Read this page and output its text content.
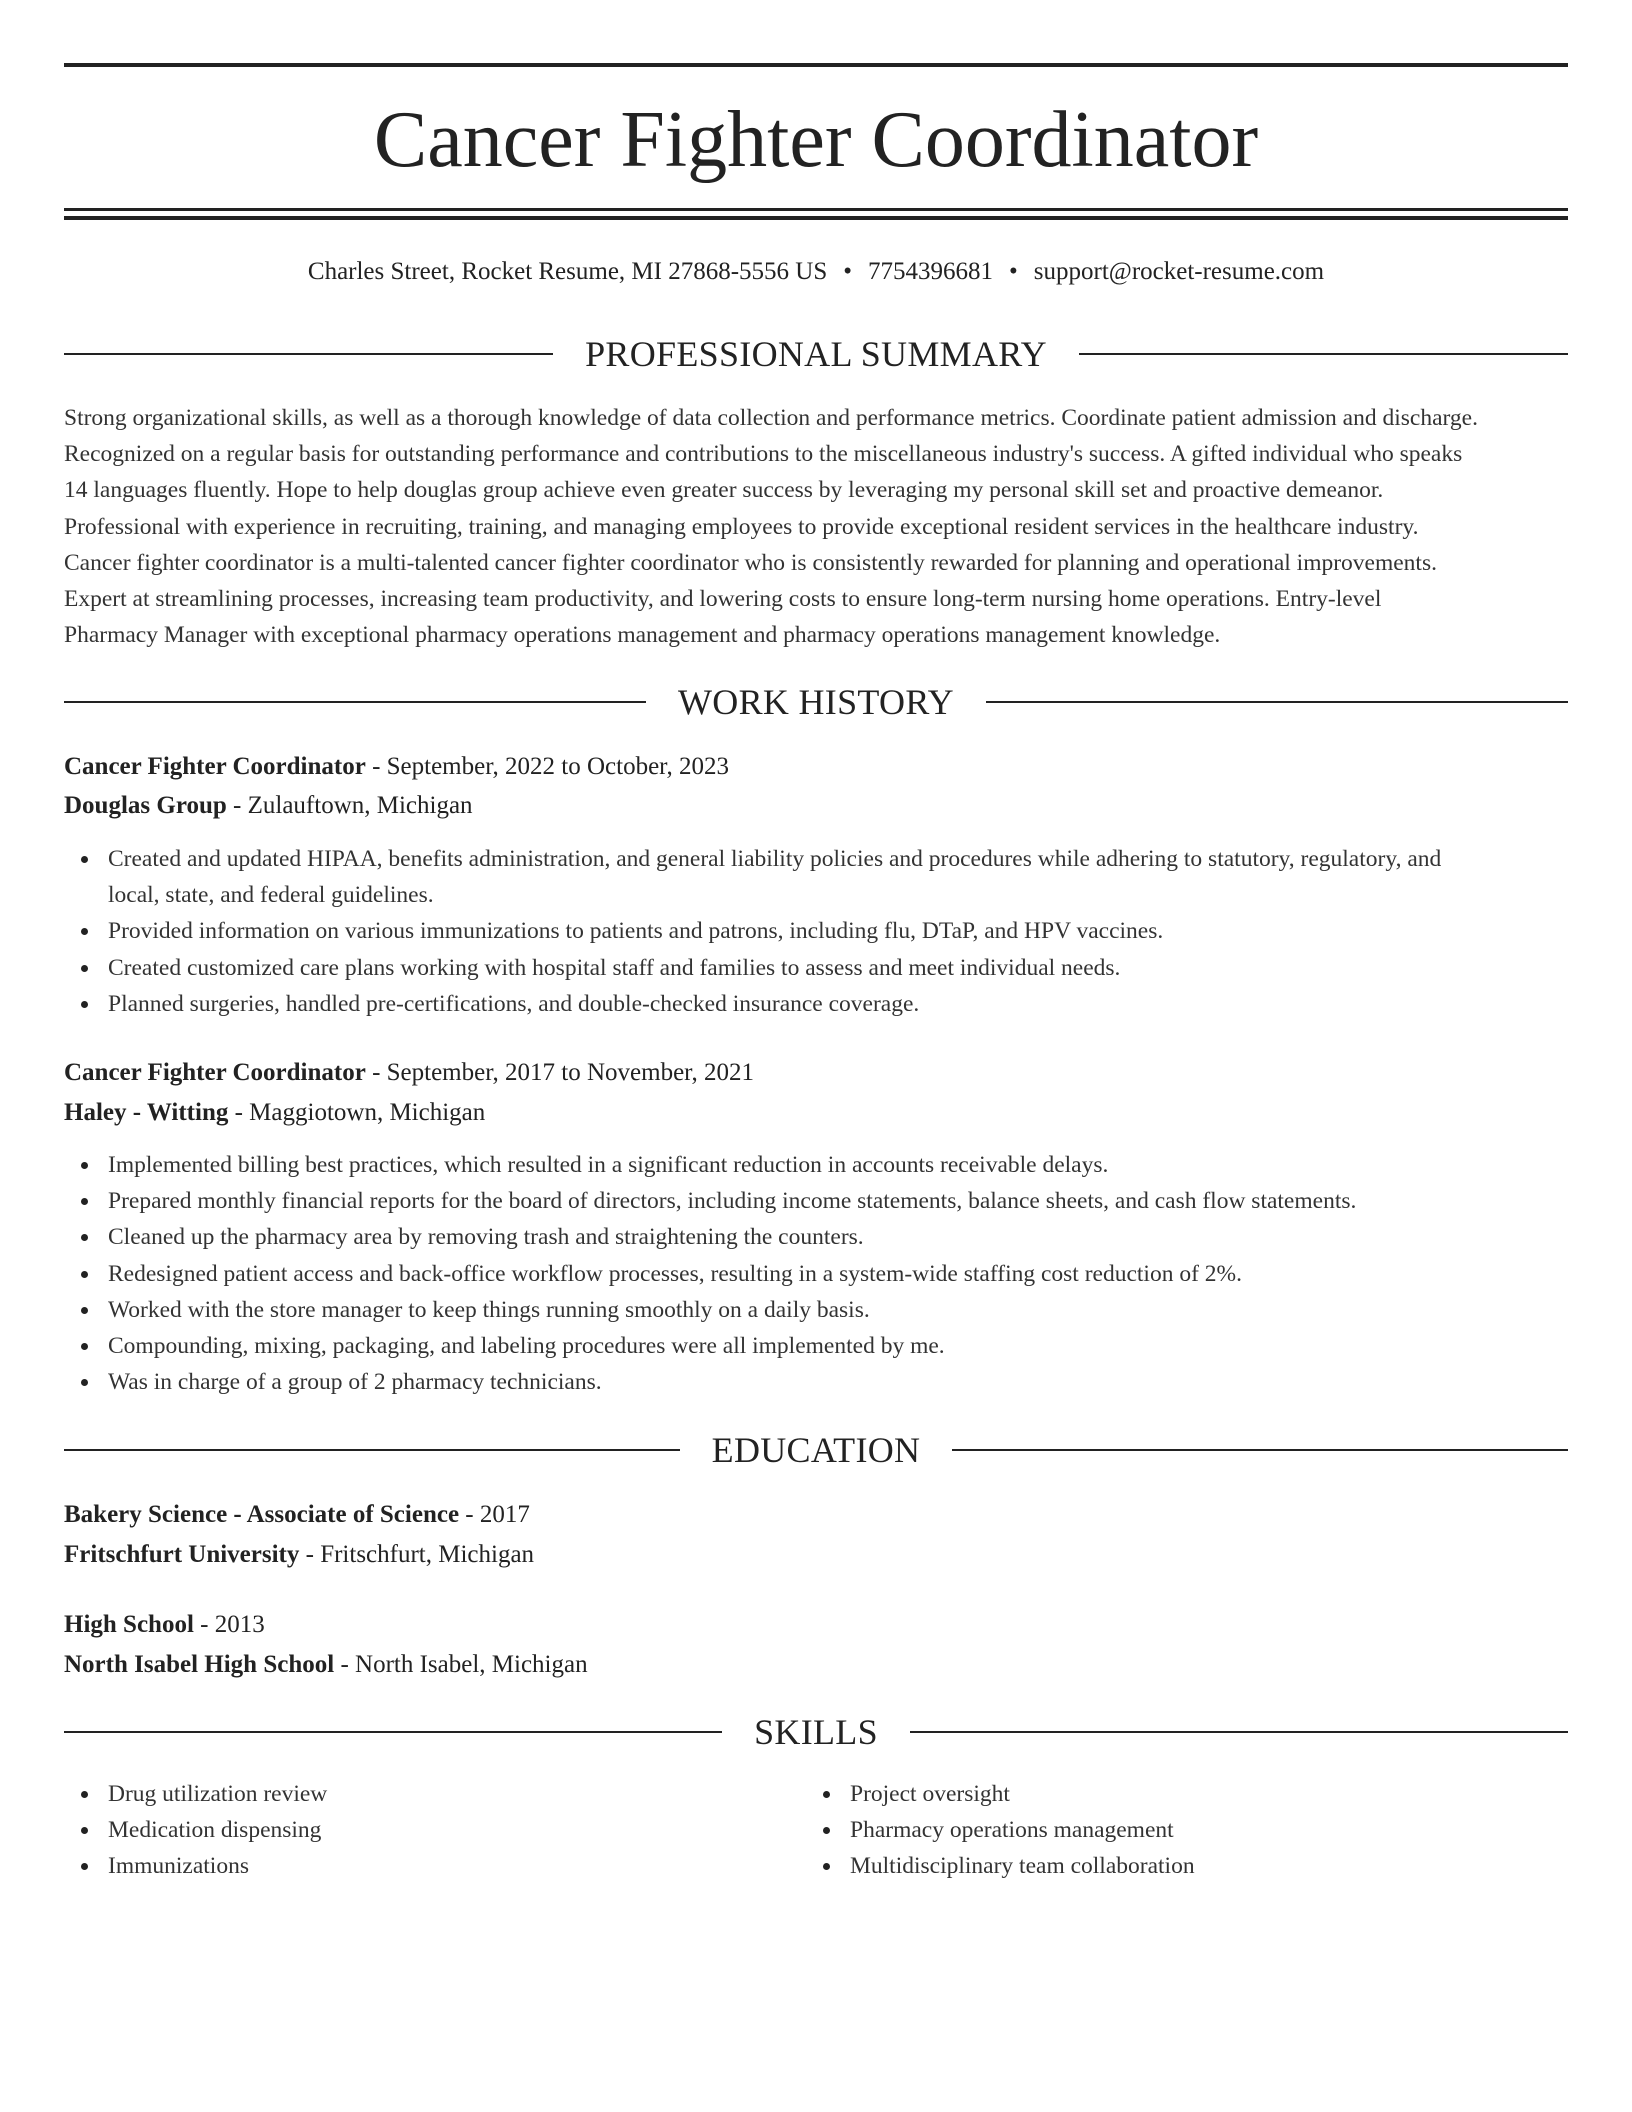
Cancer Fighter Coordinator
Charles Street, Rocket Resume, MI 27868-5556 US • 7754396681 • support@rocket-resume.com
PROFESSIONAL SUMMARY
Strong organizational skills, as well as a thorough knowledge of data collection and performance metrics. Coordinate patient admission and discharge.
Recognized on a regular basis for outstanding performance and contributions to the miscellaneous industry's success. A gifted individual who speaks
14 languages fluently. Hope to help douglas group achieve even greater success by leveraging my personal skill set and proactive demeanor.
Professional with experience in recruiting, training, and managing employees to provide exceptional resident services in the healthcare industry.
Cancer fighter coordinator is a multi-talented cancer fighter coordinator who is consistently rewarded for planning and operational improvements.
Expert at streamlining processes, increasing team productivity, and lowering costs to ensure long-term nursing home operations. Entry-level
Pharmacy Manager with exceptional pharmacy operations management and pharmacy operations management knowledge.
WORK HISTORY
Cancer Fighter Coordinator - September, 2022 to October, 2023
Douglas Group - Zulauftown, Michigan
Created and updated HIPAA, benefits administration, and general liability policies and procedures while adhering to statutory, regulatory, and
local, state, and federal guidelines.
Provided information on various immunizations to patients and patrons, including flu, DTaP, and HPV vaccines.
Created customized care plans working with hospital staff and families to assess and meet individual needs.
Planned surgeries, handled pre-certifications, and double-checked insurance coverage.
Cancer Fighter Coordinator - September, 2017 to November, 2021
Haley - Witting - Maggiotown, Michigan
Implemented billing best practices, which resulted in a significant reduction in accounts receivable delays.
Prepared monthly financial reports for the board of directors, including income statements, balance sheets, and cash flow statements.
Cleaned up the pharmacy area by removing trash and straightening the counters.
Redesigned patient access and back-office workflow processes, resulting in a system-wide staffing cost reduction of 2%.
Worked with the store manager to keep things running smoothly on a daily basis.
Compounding, mixing, packaging, and labeling procedures were all implemented by me.
Was in charge of a group of 2 pharmacy technicians.
EDUCATION
Bakery Science - Associate of Science - 2017
Fritschfurt University - Fritschfurt, Michigan
High School - 2013
North Isabel High School - North Isabel, Michigan
SKILLS
Drug utilization review
Medication dispensing
Immunizations
Project oversight
Pharmacy operations management
Multidisciplinary team collaboration
